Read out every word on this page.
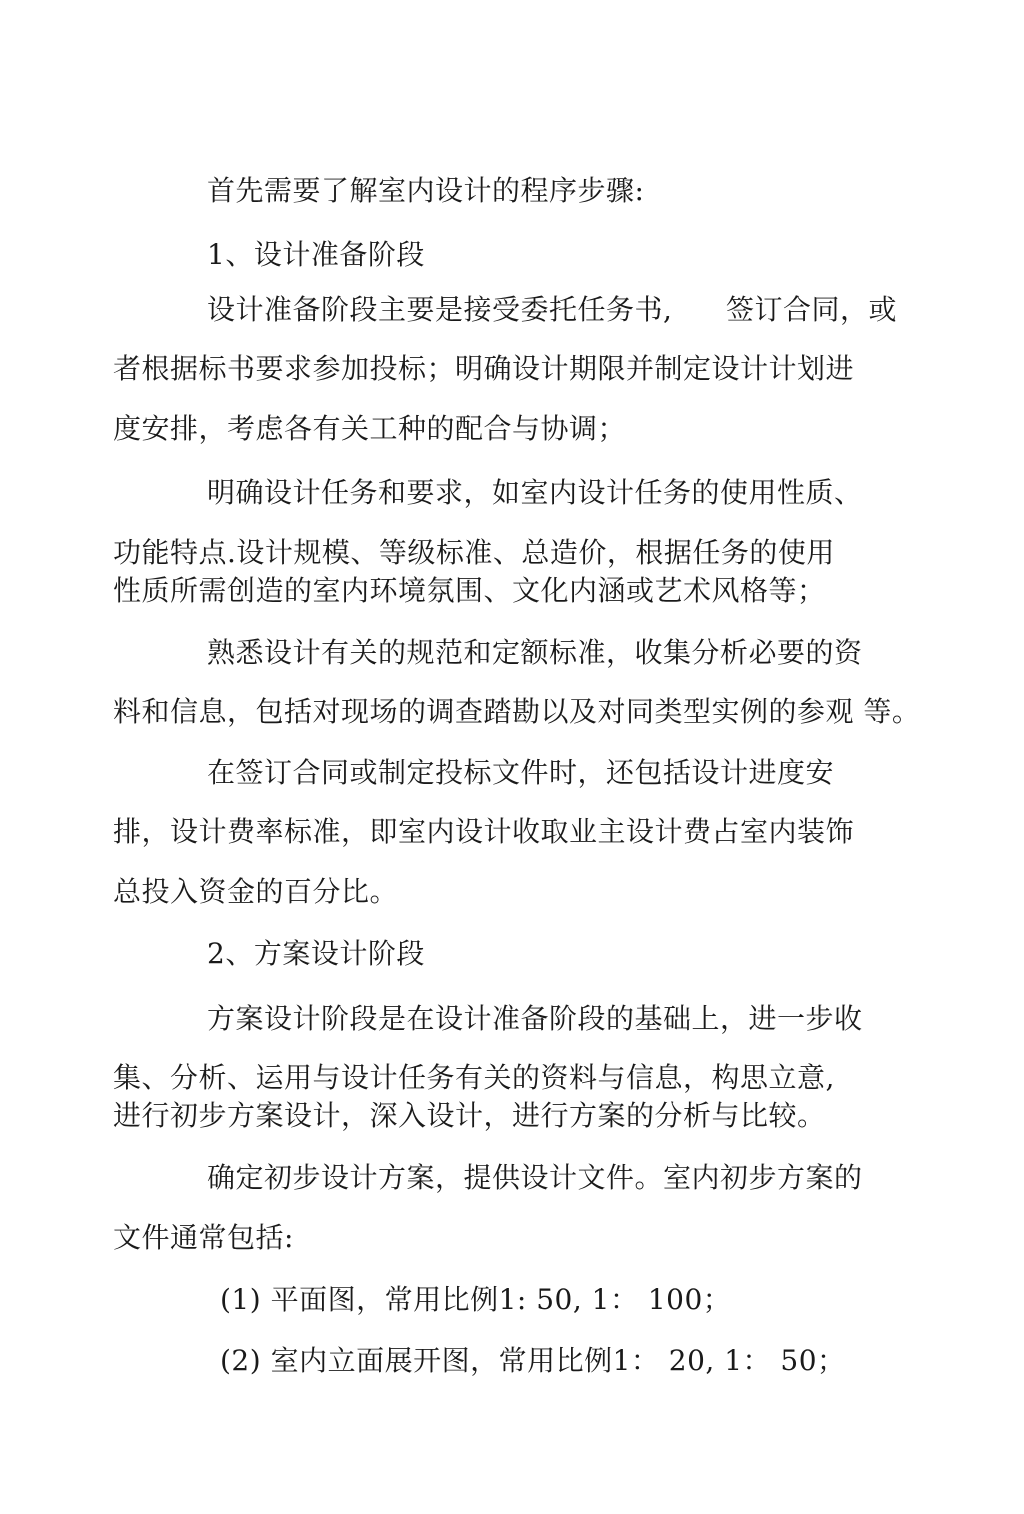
首先需要了解室内设计的程序步骤:

1、设计准备阶段

设计准备阶段主要是接受委托任务书, 签订合同，或

者根据标书要求参加投标；明确设计期限并制定设计计划进

度安排，考虑各有关工种的配合与协调；

明确设计任务和要求，如室内设计任务的使用性质、

功能特点.设计规模、等级标准、总造价，根据任务的使用

性质所需创造的室内环境氛围、文化内涵或艺术风格等；

熟悉设计有关的规范和定额标准，收集分析必要的资

料和信息，包括对现场的调查踏勘以及对同类型实例的参观 等。

在签订合同或制定投标文件时，还包括设计进度安

排，设计费率标准，即室内设计收取业主设计费占室内装饰

总投入资金的百分比。

2、方案设计阶段

方案设计阶段是在设计准备阶段的基础上，进一步收

集、分析、运用与设计任务有关的资料与信息，构思立意,

进行初步方案设计，深入设计，进行方案的分析与比较。

确定初步设计方案，提供设计文件。室内初步方案的

文件通常包括:

(1) 平面图，常用比例1: 50, 1： 100；

(2) 室内立面展开图，常用比例1： 20, 1： 50；
